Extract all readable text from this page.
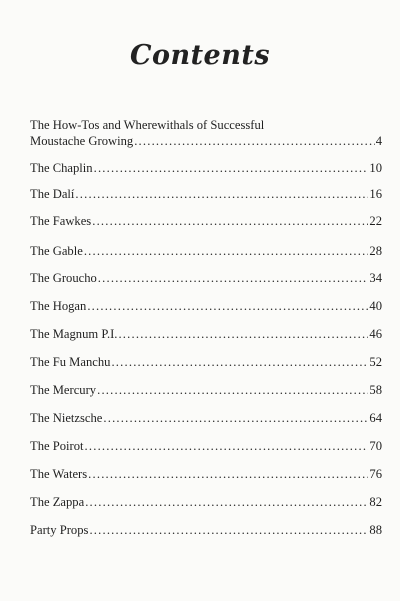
Contents
The How-Tos and Wherewithals of Successful
Moustache Growing .....	4
The Chaplin .....	10
The Dalí .....	16
The Fawkes .....	22
The Gable .....	28
The Groucho .....	34
The Hogan .....	40
The Magnum P.I. .....	46
The Fu Manchu .....	52
The Mercury .....	58
The Nietzsche .....	64
The Poirot .....	70
The Waters .....	76
The Zappa .....	82
Party Props .....	88
